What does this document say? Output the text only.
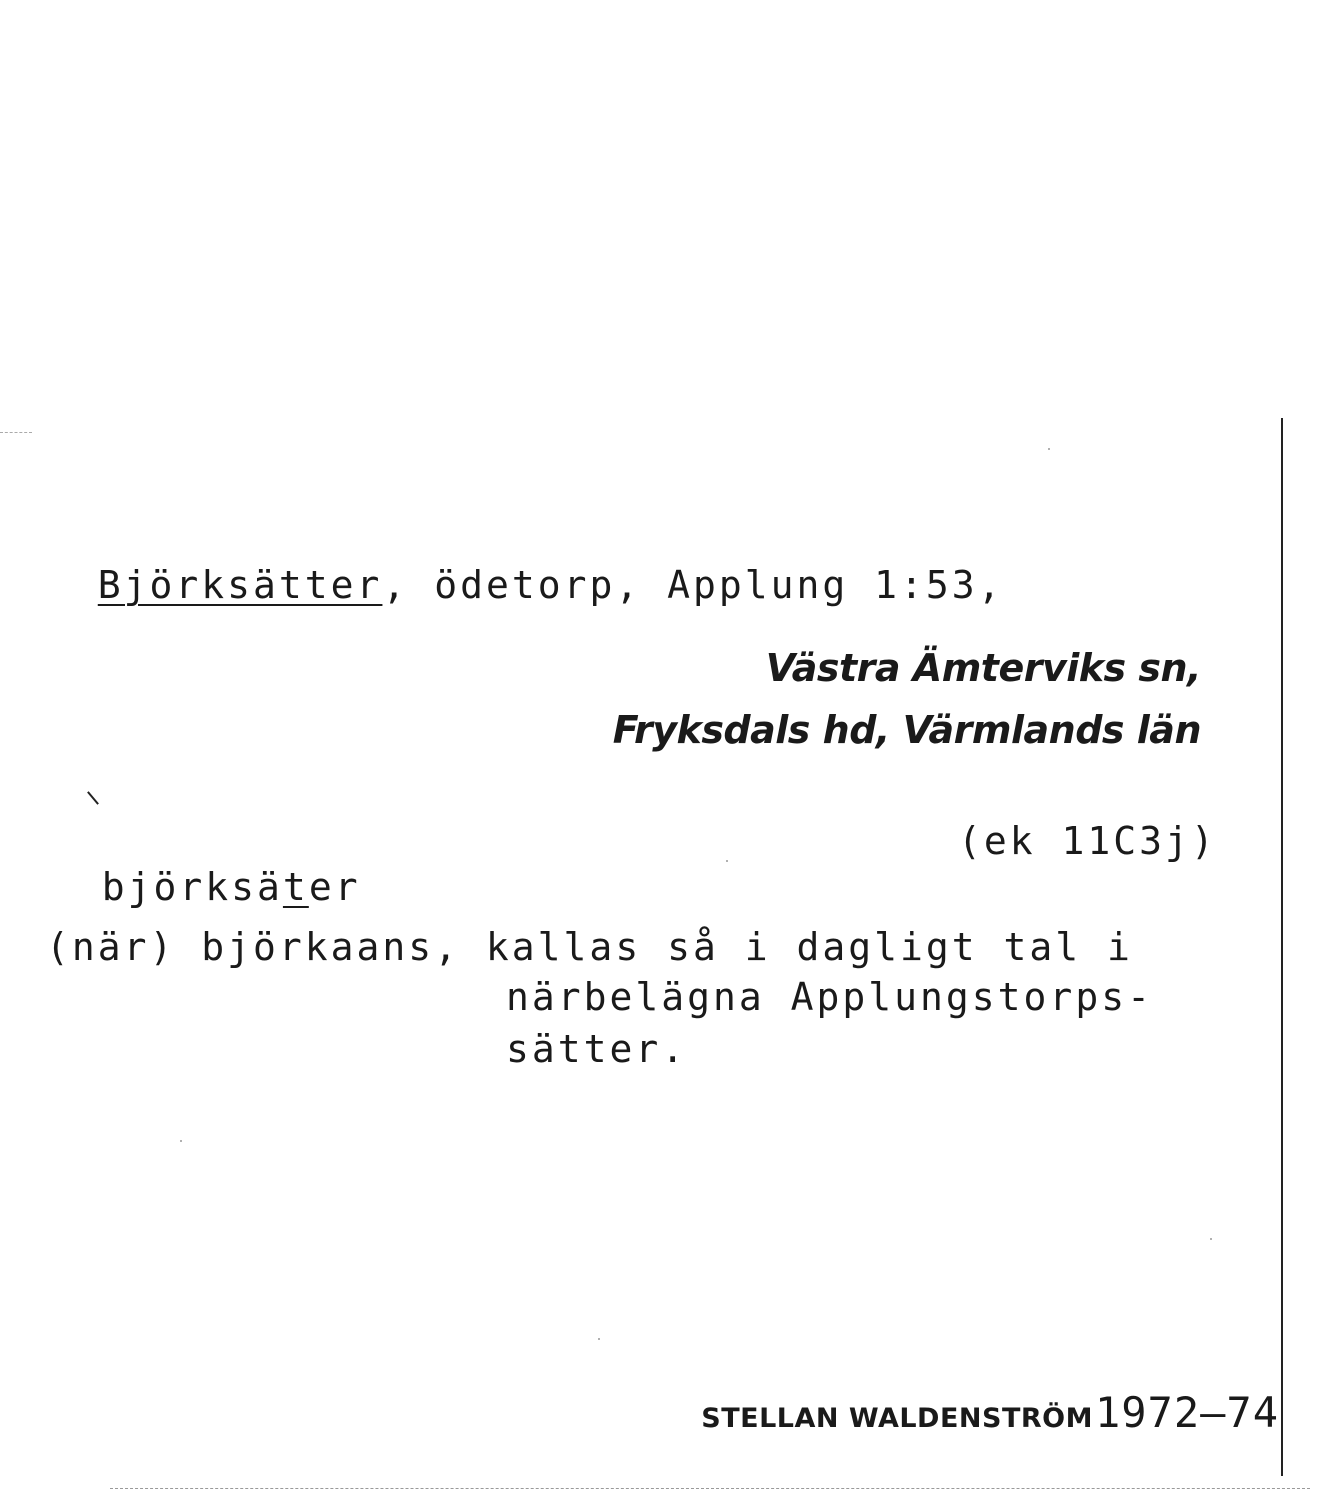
Björksätter, ödetorp, Applung 1:53,

Västra Ämterviks sn,
Fryksdals hd, Värmlands län

björksäter

(ek 11C3j)
(när) björkaans, kallas så i dagligt tal i
närbelägna Applungstorps-
sätter.
STELLAN WALDENSTRÖM1972–74
